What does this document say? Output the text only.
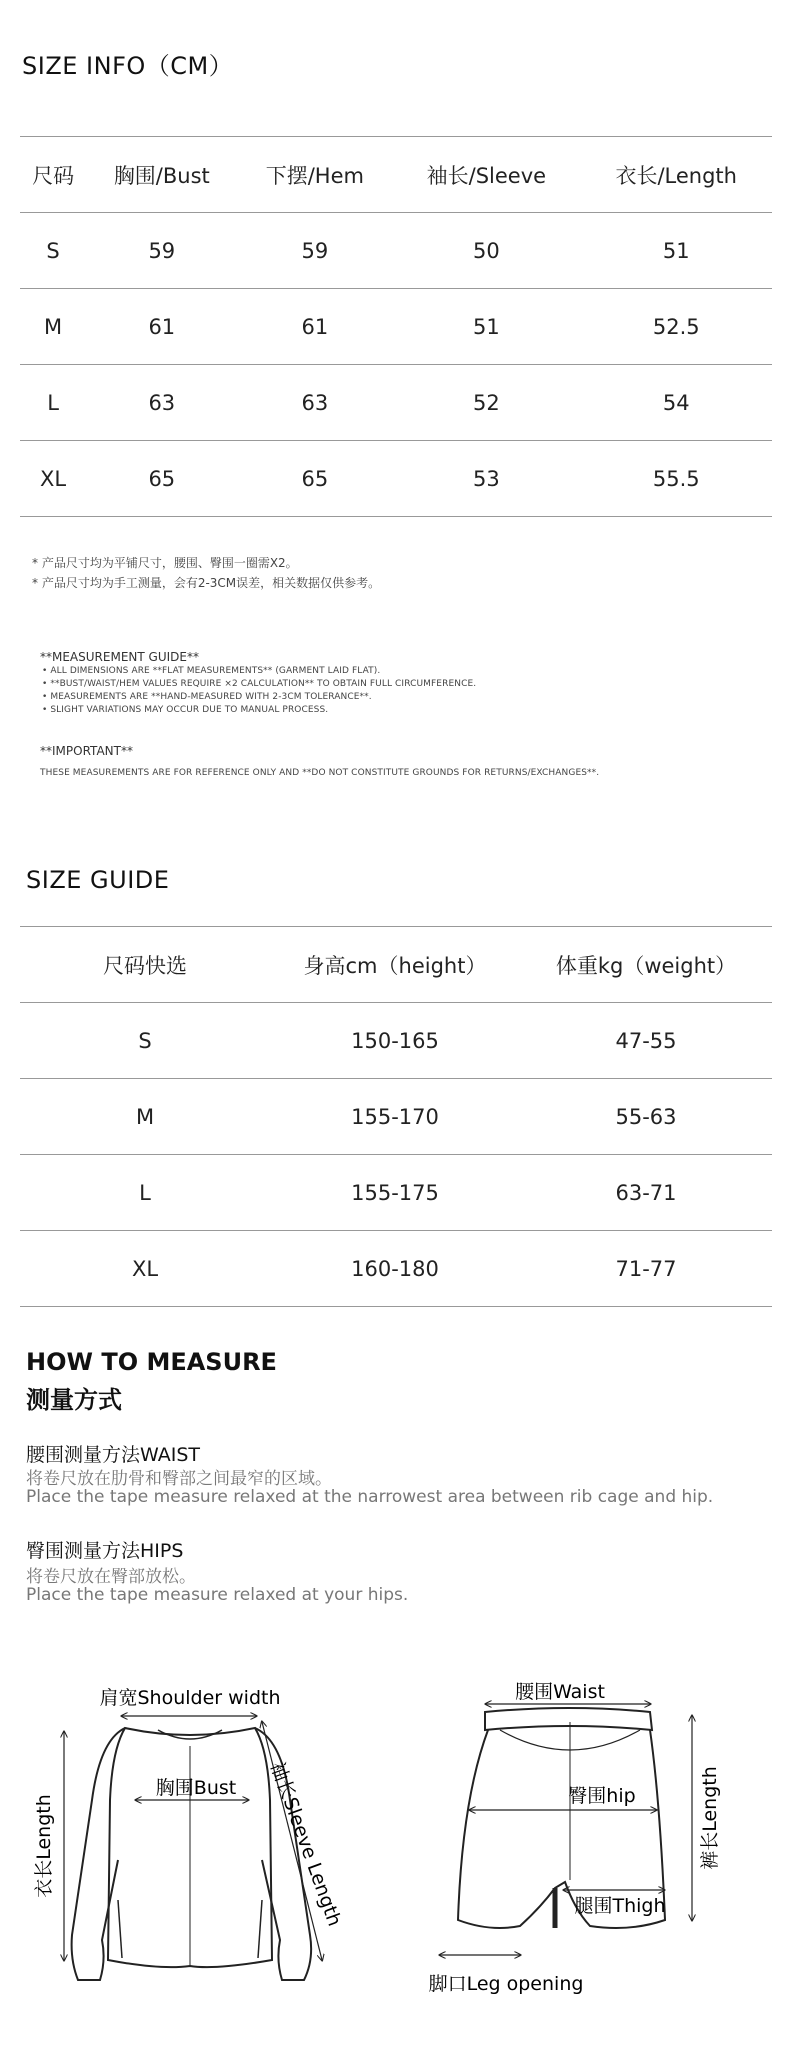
SIZE INFO（CM）
尺码	胸围/Bust	下摆/Hem	袖长/Sleeve	衣长/Length
S	59	59	50	51
M	61	61	51	52.5
L	63	63	52	54
XL	65	65	53	55.5
* 产品尺寸均为平铺尺寸，腰围、臀围一圈需X2。
* 产品尺寸均为手工测量，会有2-3CM误差，相关数据仅供参考。
**MEASUREMENT GUIDE**
• ALL DIMENSIONS ARE **FLAT MEASUREMENTS** (GARMENT LAID FLAT).
• **BUST/WAIST/HEM VALUES REQUIRE ×2 CALCULATION** TO OBTAIN FULL CIRCUMFERENCE.
• MEASUREMENTS ARE **HAND-MEASURED WITH 2-3CM TOLERANCE**.
• SLIGHT VARIATIONS MAY OCCUR DUE TO MANUAL PROCESS.
**IMPORTANT**
THESE MEASUREMENTS ARE FOR REFERENCE ONLY AND **DO NOT CONSTITUTE GROUNDS FOR RETURNS/EXCHANGES**.
SIZE GUIDE
尺码快选	身高cm（height）	体重kg（weight）
S	150-165	47-55
M	155-170	55-63
L	155-175	63-71
XL	160-180	71-77
HOW TO MEASURE
测量方式
腰围测量方法WAIST
将卷尺放在肋骨和臀部之间最窄的区域。
Place the tape measure relaxed at the narrowest area between rib cage and hip.
臀围测量方法HIPS
将卷尺放在臀部放松。
Place the tape measure relaxed at your hips.
肩宽Shoulder width
胸围Bust
衣长Length	袖长Sleeve Length
腰围Waist
臀围hip
腿围Thigh
裤长Length
脚口Leg opening
